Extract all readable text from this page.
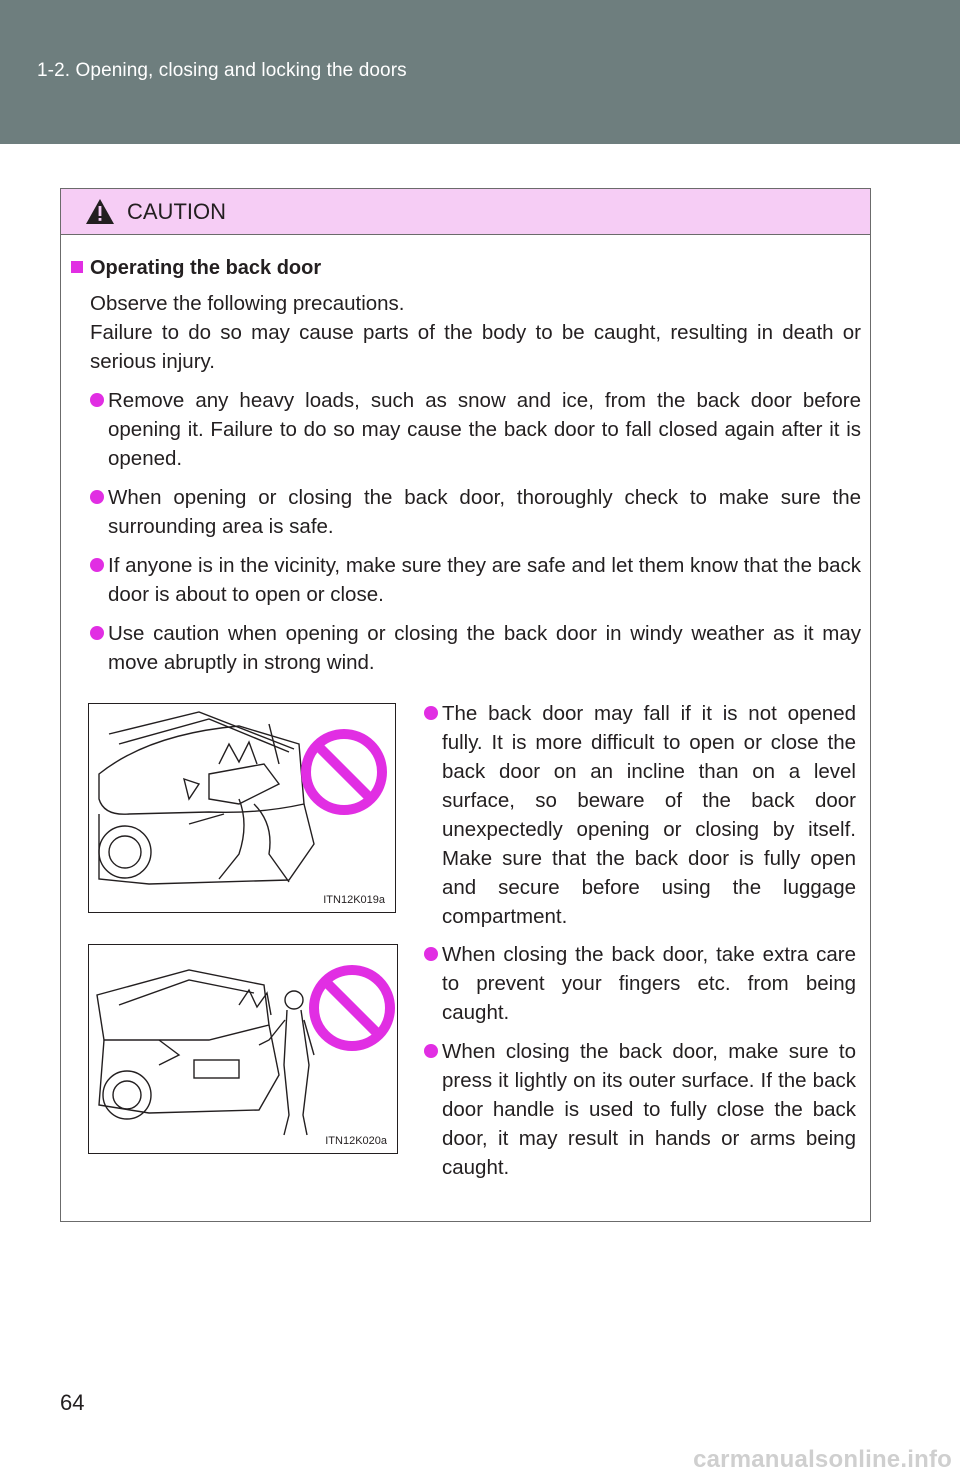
1-2. Opening, closing and locking the doors
CAUTION
Operating the back door
Observe the following precautions.
Failure to do so may cause parts of the body to be caught, resulting in death or serious injury.
Remove any heavy loads, such as snow and ice, from the back door before opening it. Failure to do so may cause the back door to fall closed again after it is opened.
When opening or closing the back door, thoroughly check to make sure the surrounding area is safe.
If anyone is in the vicinity, make sure they are safe and let them know that the back door is about to open or close.
Use caution when opening or closing the back door in windy weather as it may move abruptly in strong wind.
ITN12K019a
ITN12K020a
The back door may fall if it is not opened fully. It is more difficult to open or close the back door on an incline than on a level surface, so beware of the back door unexpectedly opening or closing by itself. Make sure that the back door is fully open and secure before using the luggage compartment.
When closing the back door, take extra care to prevent your fingers etc. from being caught.
When closing the back door, make sure to press it lightly on its outer surface. If the back door handle is used to fully close the back door, it may result in hands or arms being caught.
64
carmanualsonline.info
